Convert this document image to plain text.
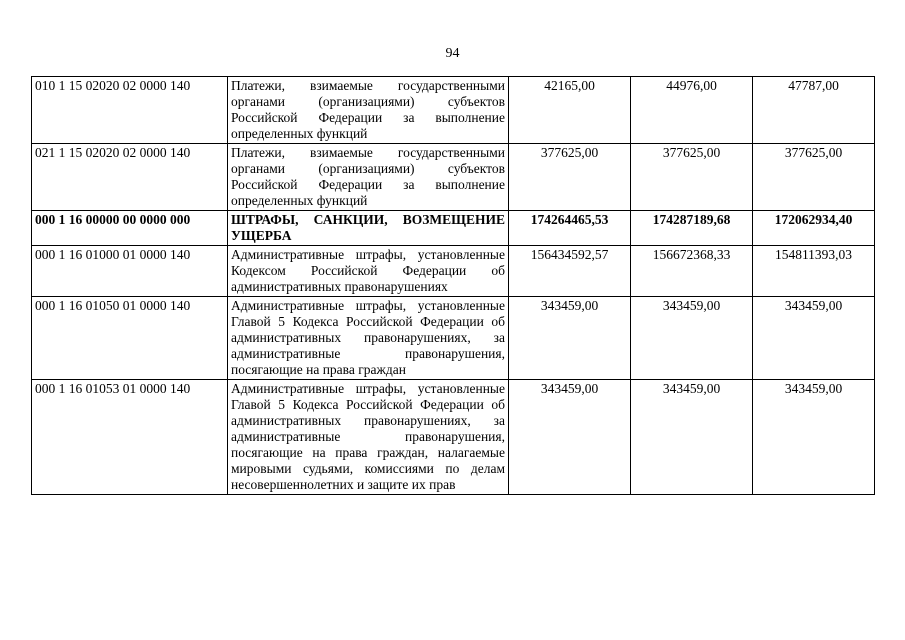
94
010 1 15 02020 02 0000 140	Платежи, взимаемые государственными органами (организациями) субъектов Российской Федерации за выполнение определенных функций	42165,00	44976,00	47787,00
021 1 15 02020 02 0000 140	Платежи, взимаемые государственными органами (организациями) субъектов Российской Федерации за выполнение определенных функций	377625,00	377625,00	377625,00
000 1 16 00000 00 0000 000	ШТРАФЫ, САНКЦИИ, ВОЗМЕЩЕНИЕ УЩЕРБА	174264465,53	174287189,68	172062934,40
000 1 16 01000 01 0000 140	Административные штрафы, установленные Кодексом Российской Федерации об административных правонарушениях	156434592,57	156672368,33	154811393,03
000 1 16 01050 01 0000 140	Административные штрафы, установленные Главой 5 Кодекса Российской Федерации об административных правонарушениях, за административные правонарушения, посягающие на права граждан	343459,00	343459,00	343459,00
000 1 16 01053 01 0000 140	Административные штрафы, установленные Главой 5 Кодекса Российской Федерации об административных правонарушениях, за административные правонарушения, посягающие на права граждан, налагаемые мировыми судьями, комиссиями по делам несовершеннолетних и защите их прав	343459,00	343459,00	343459,00
